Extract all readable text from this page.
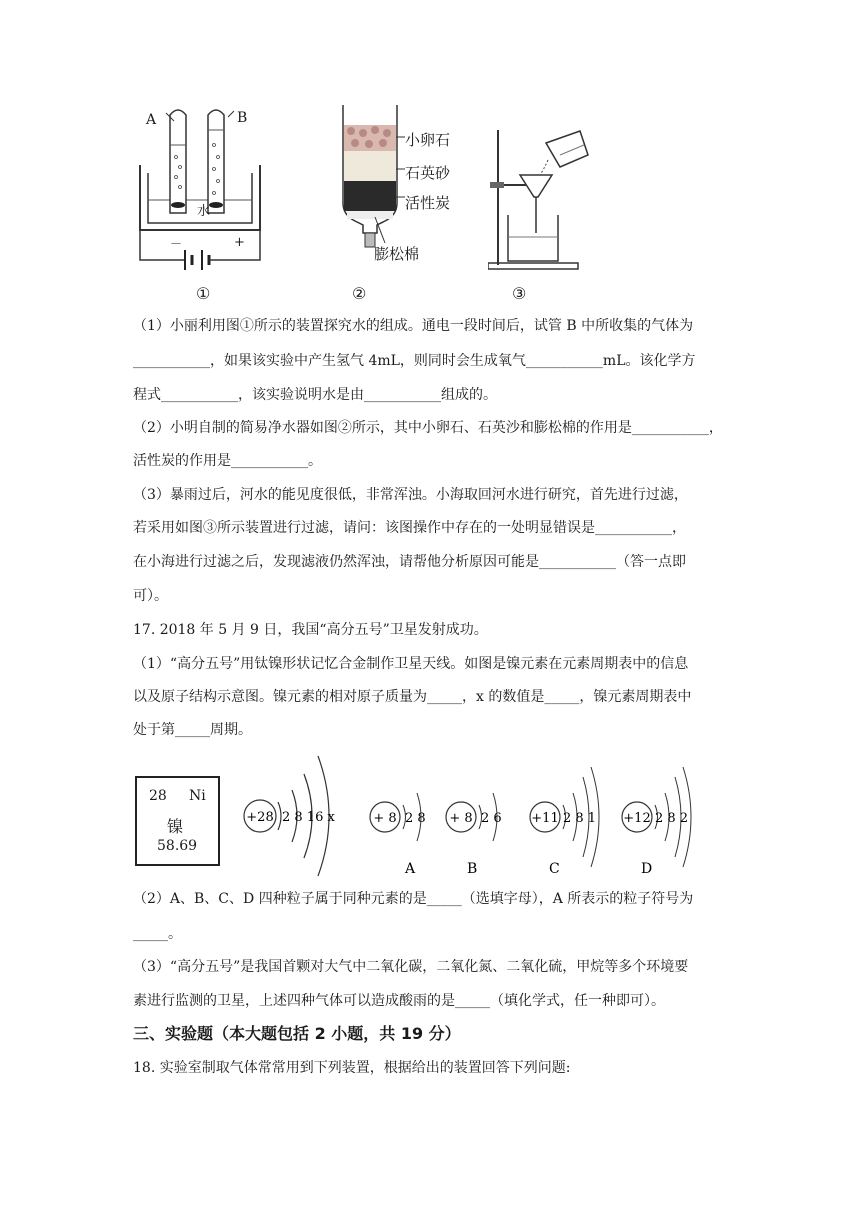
A	B
水
－	+
①
小卵石
石英砂
活性炭
膨松棉
②	③
（1）小丽利用图①所示的装置探究水的组成。通电一段时间后，试管 B 中所收集的气体为
___________，如果该实验中产生氢气 4mL，则同时会生成氧气___________mL。该化学方
程式___________，该实验说明水是由___________组成的。
（2）小明自制的简易净水器如图②所示，其中小卵石、石英沙和膨松棉的作用是___________，
活性炭的作用是___________。
（3）暴雨过后，河水的能见度很低，非常浑浊。小海取回河水进行研究，首先进行过滤，
若采用如图③所示装置进行过滤，请问：该图操作中存在的一处明显错误是___________，
在小海进行过滤之后，发现滤液仍然浑浊，请帮他分析原因可能是___________（答一点即
可）。
17. 2018 年 5 月 9 日，我国“高分五号”卫星发射成功。
（1）“高分五号”用钛镍形状记忆合金制作卫星天线。如图是镍元素在元素周期表中的信息
以及原子结构示意图。镍元素的相对原子质量为_____，x 的数值是_____，镍元素周期表中
处于第_____周期。
28 Ni
镍
58.69
+28 2 8 16 x	+ 8 2 8
A
+ 8 2 6
B
+11 2 8 1
C
+12 2 8 2
D
（2）A、B、C、D 四种粒子属于同种元素的是_____（选填字母），A 所表示的粒子符号为
_____。
（3）“高分五号”是我国首颗对大气中二氧化碳，二氧化氮、二氧化硫，甲烷等多个环境要
素进行监测的卫星，上述四种气体可以造成酸雨的是_____（填化学式，任一种即可）。
三、实验题（本大题包括 2 小题，共 19 分）
18. 实验室制取气体常常用到下列装置，根据给出的装置回答下列问题:
